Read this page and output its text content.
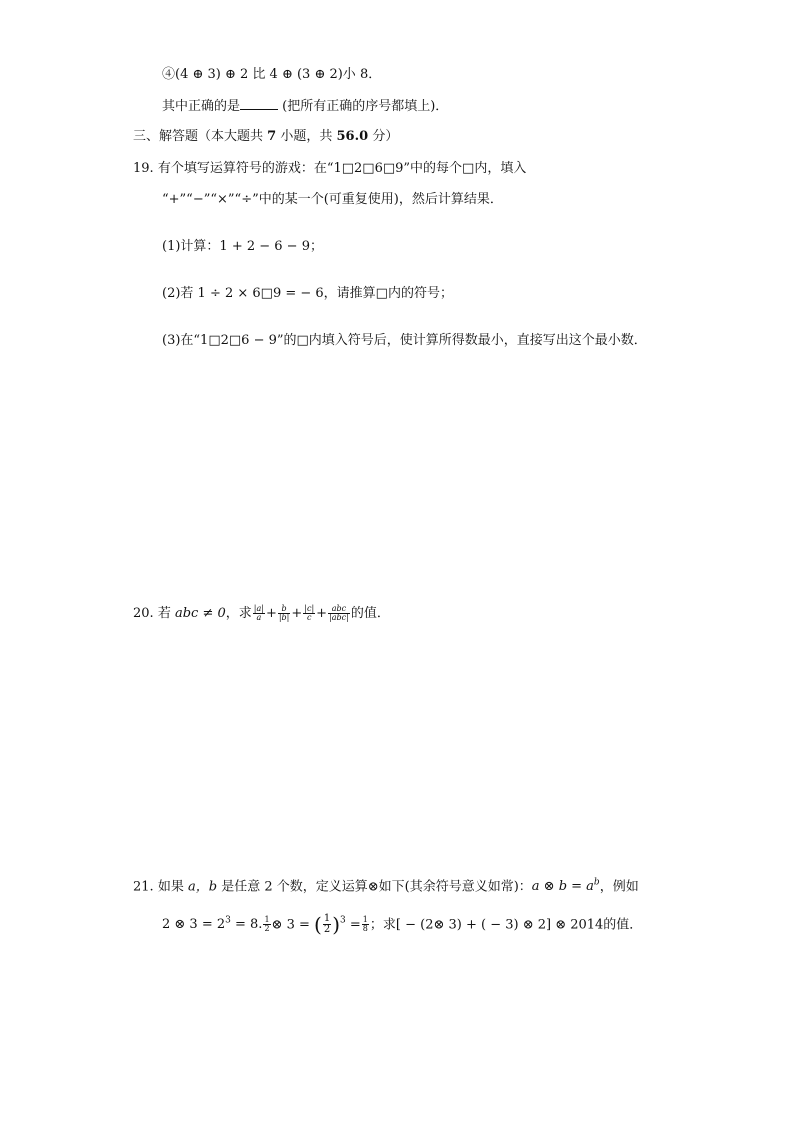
④(4 ⊕ 3) ⊕ 2 比 4 ⊕ (3 ⊕ 2)小 8．
其中正确的是	(把所有正确的序号都填上)．
三、解答题（本大题共 7 小题，共 56.0 分）
19. 有个填写运算符号的游戏：在“1□2□6□9”中的每个□内，填入
“+”“−”“×”“÷”中的某一个(可重复使用)，然后计算结果．
(1)计算：1 + 2 − 6 − 9；
(2)若 1 ÷ 2 × 6□9 = − 6，请推算□内的符号；
(3)在“1□2□6 − 9”的□内填入符号后，使计算所得数最小，直接写出这个最小数．
20. 若 abc ≠ 0，求 $\frac{|a|}{a} + \frac{b}{|b|} + \frac{|c|}{c} + \frac{\text{abc}}{\text{|abc|}}$ 的值．
21. 如果 a，b 是任意 2 个数，定义运算⊗如下(其余符号意义如常)：a ⊗ $b = a^b$，例如
2 ⊗ $3 = 2^3 = 8$. $\frac{1}{2}$ ⊗ 3 = ( $\frac{1}{2} )^3 = \frac{1}{8}$ ；求[ − (2⊗ 3) + ( − 3) ⊗ 2] ⊗ 2014的值．
